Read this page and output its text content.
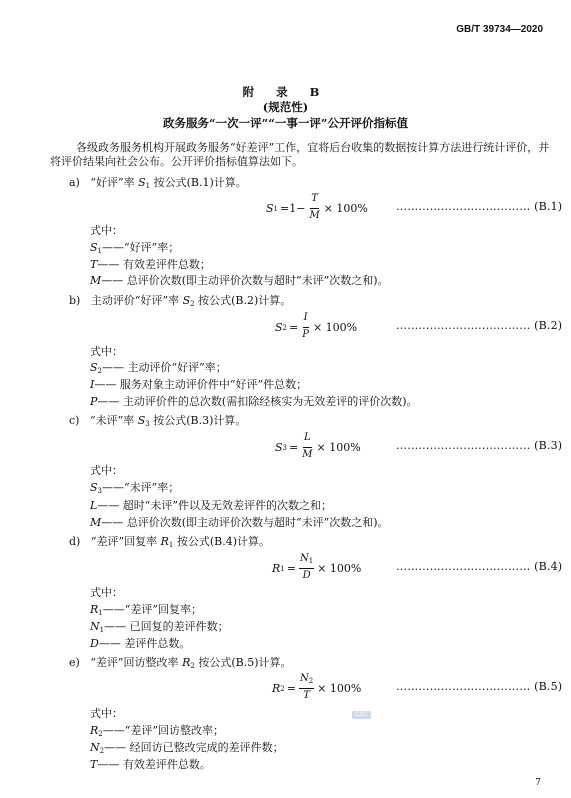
GB/T 39734—2020
附 录 B
(规范性)
政务服务“一次一评”“一事一评”公开评价指标值
各级政务服务机构开展政务服务“好差评”工作，宜将后台收集的数据按计算方法进行统计评价，并
将评价结果向社会公布。公开评价指标值算法如下。
a) “好评”率 $S_1$ 按公式(B.1)计算。
S $1 =1- \frac{T}{M} \times 100\%$	……………………………… (B.1)
式中：
$S_1——“$好评”率；
T—— 有效差评件总数；
M—— 总评价次数(即主动评价次数与超时“未评”次数之和)。
b) 主动评价“好评”率 $S_2$ 按公式(B.2)计算。
S $2 = \frac{I}{P} \times 100\%$	……………………………… (B.2)
式中：
$S_2——$ 主动评价“好评”率；
I—— 服务对象主动评价件中“好评”件总数；
P—— 主动评价件的总次数(需扣除经核实为无效差评的评价次数)。
c) “未评”率 $S_3$ 按公式(B.3)计算。
S $3 = \frac{L}{M} \times 100\%$	……………………………… (B.3)
式中：
$S_3——“$未评”率；
L—— 超时“未评”件以及无效差评件的次数之和；
M—— 总评价次数(即主动评价次数与超时“未评”次数之和)。
d) “差评”回复率 $R_1$ 按公式(B.4)计算。
R $1 = \frac{N_1}{D} \times 100\%$	……………………………… (B.4)
式中：
$R_1——“$差评”回复率；
$N_1——$ 已回复的差评件数；
D—— 差评件总数。
e) “差评”回访整改率 $R_2$ 按公式(B.5)计算。
R $2 = \frac{N_2}{T} \times 100\%$	……………………………… (B.5)
CSC
式中：
$R_2——“$差评”回访整改率；
$N_2——$ 经回访已整改完成的差评件数；
T—— 有效差评件总数。
7
